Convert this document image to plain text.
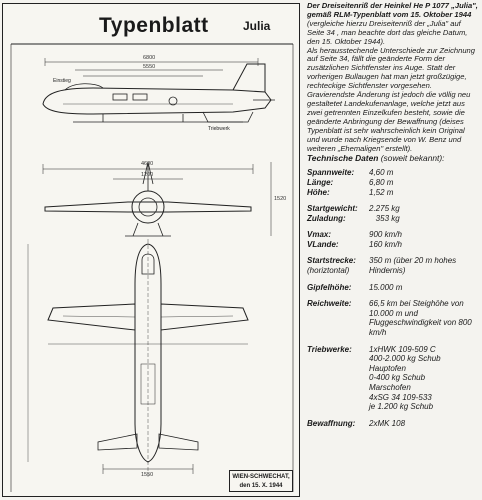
Typenblatt	Julia
Einstieg
Triebwerk
6800
5550
4600
1200
1520
1550	WIEN-SCHWECHAT,
den 15. X. 1944

Der Dreiseitenriß der Heinkel He P 1077 „Julia", gemäß RLM-Typenblatt vom 15. Oktober 1944 (vergleiche hierzu Dreiseitenriß der „Julia" auf Seite 34 , man beachte dort das gleiche Datum, den 15. Oktober 1944).

Als herausstechende Unterschiede zur Zeichnung auf Seite 34, fällt die geänderte Form der zusätzlichen Sichtfenster ins Auge. Statt der vorherigen Bullaugen hat man jetzt großzügige, rechteckige Sichtfenster vorgesehen. Gravierendste Änderung ist jedoch die völlig neu gestaltetet Landekufenanlage, welche jetzt aus zwei getrennten Einzelkufen besteht, sowie die geänderte Anbringung der Bewaffnung (deises Typenblatt ist sehr wahrscheinlich kein Original und wurde nach Kriegsende von W. Benz und weiteren „Ehemaligen" erstellt).

Technische Daten (soweit bekannt):
Spannweite:	4,60 m
Länge:	6,80 m
Höhe:	1,52 m
Startgewicht:	2.275 kg
Zuladung:	353 kg
Vmax:	900 km/h
VLande:	160 km/h
Startstrecke:
(horiztontal)
350 m (über 20 m hohes Hindernis)
Gipfelhöhe:	15.000 m
Reichweite:	66,5 km bei Steighöhe von 10.000 m und Fluggeschwindigkeit von 800 km/h
Triebwerke:	1xHWK 109-509 C
400-2.000 kg Schub
Hauptofen
0-400 kg Schub
Marschofen
4xSG 34 109-533
je 1.200 kg Schub
Bewaffnung:	2xMK 108
